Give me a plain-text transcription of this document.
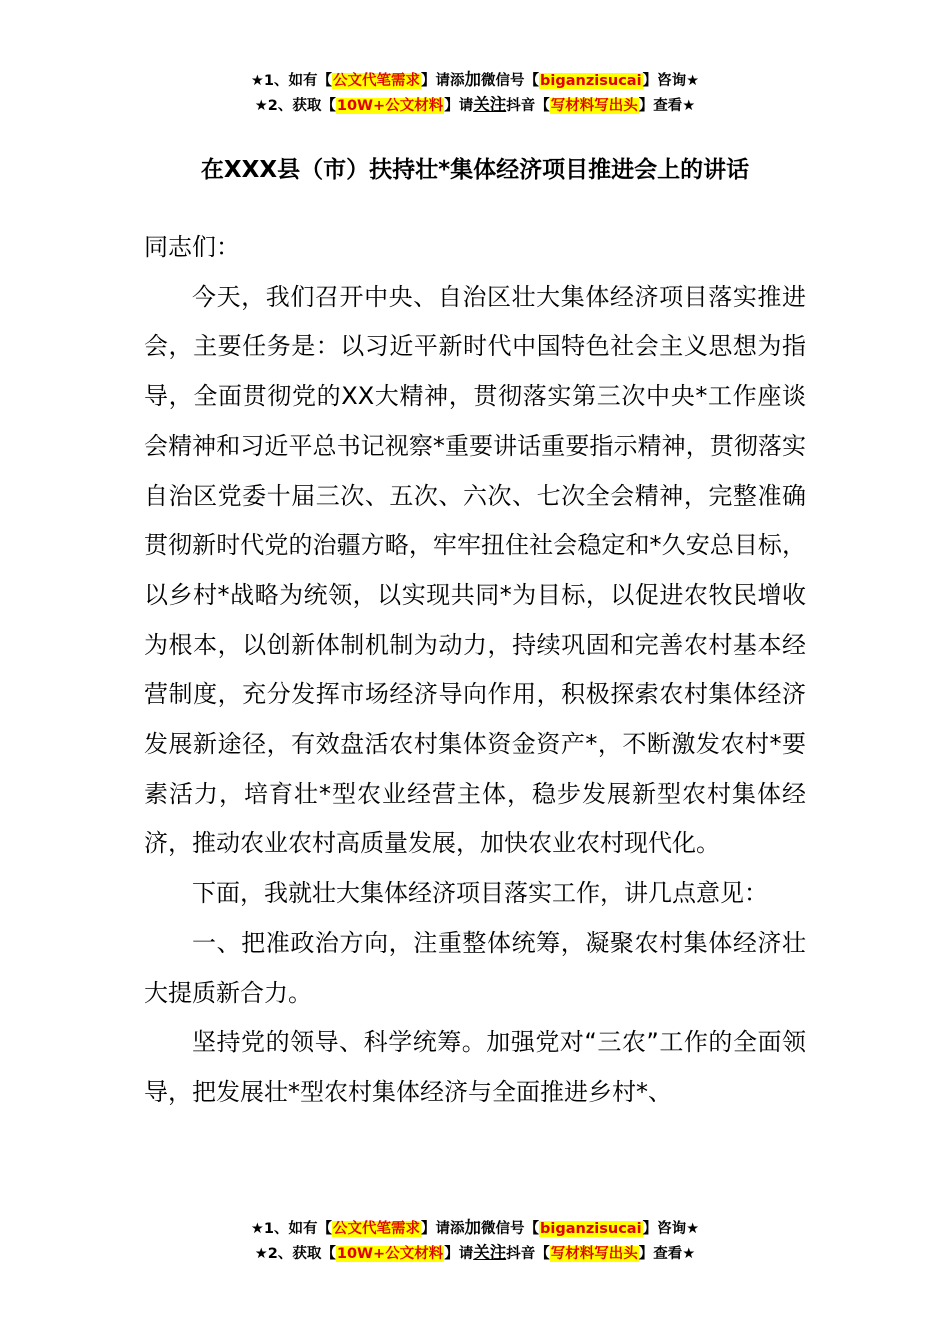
★1、如有【公文代笔需求】请添加微信号【biganzisucai】咨询★
★2、获取【10W+公文材料】请关注抖音【写材料写出头】查看★
在XXX县（市）扶持壮*集体经济项目推进会上的讲话

同志们：

今天，我们召开中央、自治区壮大集体经济项目落实推进会，主要任务是：以习近平新时代中国特色社会主义思想为指导，全面贯彻党的XX大精神，贯彻落实第三次中央*工作座谈会精神和习近平总书记视察*重要讲话重要指示精神，贯彻落实自治区党委十届三次、五次、六次、七次全会精神，完整准确贯彻新时代党的治疆方略，牢牢扭住社会稳定和*久安总目标，以乡村*战略为统领，以实现共同*为目标，以促进农牧民增收为根本，以创新体制机制为动力，持续巩固和完善农村基本经营制度，充分发挥市场经济导向作用，积极探索农村集体经济发展新途径，有效盘活农村集体资金资产*，不断激发农村*要素活力，培育壮*型农业经营主体，稳步发展新型农村集体经济，推动农业农村高质量发展，加快农业农村现代化。

下面，我就壮大集体经济项目落实工作，讲几点意见：

一、把准政治方向，注重整体统筹，凝聚农村集体经济壮大提质新合力。

坚持党的领导、科学统筹。加强党对“三农”工作的全面领导，把发展壮*型农村集体经济与全面推进乡村*、

★1、如有【公文代笔需求】请添加微信号【biganzisucai】咨询★
★2、获取【10W+公文材料】请关注抖音【写材料写出头】查看★
